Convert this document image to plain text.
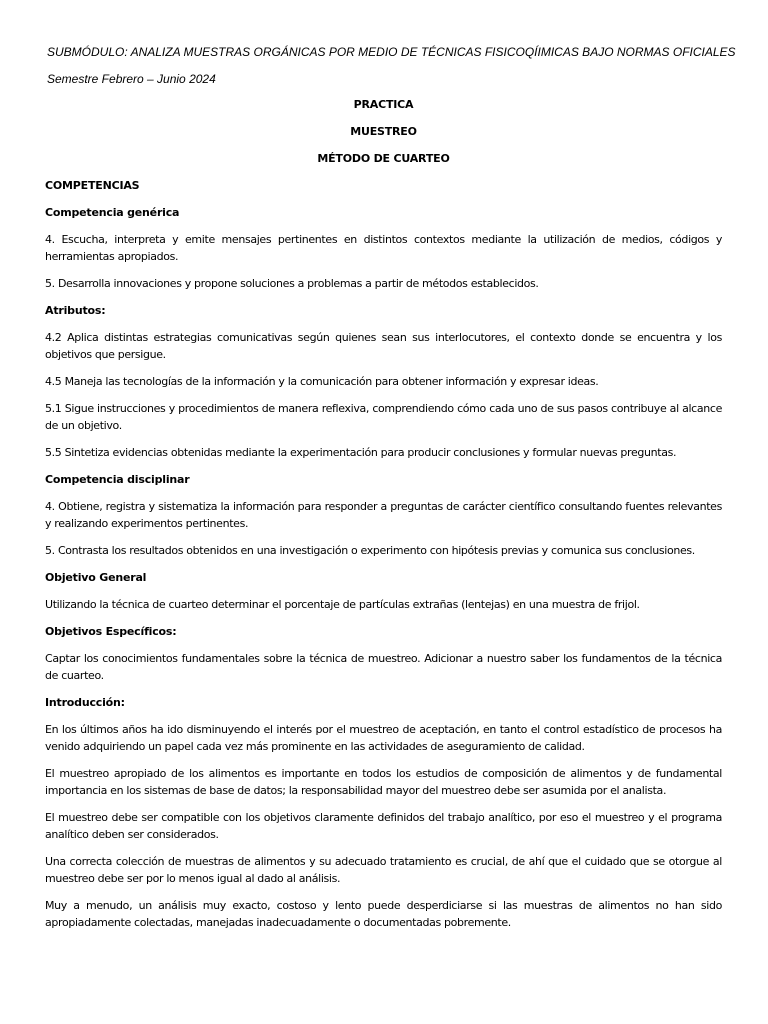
SUBMÓDULO: ANALIZA MUESTRAS ORGÁNICAS POR MEDIO DE TÉCNICAS FISICOQÍIMICAS BAJO NORMAS OFICIALES
Semestre Febrero – Junio 2024

PRACTICA

MUESTREO

MÉTODO DE CUARTEO

COMPETENCIAS

Competencia genérica

4. Escucha, interpreta y emite mensajes pertinentes en distintos contextos mediante la utilización de medios, códigos y herramientas apropiados.

5. Desarrolla innovaciones y propone soluciones a problemas a partir de métodos establecidos.

Atributos:

4.2 Aplica distintas estrategias comunicativas según quienes sean sus interlocutores, el contexto donde se encuentra y los objetivos que persigue.

4.5 Maneja las tecnologías de la información y la comunicación para obtener información y expresar ideas.

5.1 Sigue instrucciones y procedimientos de manera reflexiva, comprendiendo cómo cada uno de sus pasos contribuye al alcance de un objetivo.

5.5 Sintetiza evidencias obtenidas mediante la experimentación para producir conclusiones y formular nuevas preguntas.

Competencia disciplinar

4. Obtiene, registra y sistematiza la información para responder a preguntas de carácter científico consultando fuentes relevantes y realizando experimentos pertinentes.

5. Contrasta los resultados obtenidos en una investigación o experimento con hipótesis previas y comunica sus conclusiones.

Objetivo General

Utilizando la técnica de cuarteo determinar el porcentaje de partículas extrañas (lentejas) en una muestra de frijol.

Objetivos Específicos:

Captar los conocimientos fundamentales sobre la técnica de muestreo. Adicionar a nuestro saber los fundamentos de la técnica de cuarteo.

Introducción:

En los últimos años ha ido disminuyendo el interés por el muestreo de aceptación, en tanto el control estadístico de procesos ha venido adquiriendo un papel cada vez más prominente en las actividades de aseguramiento de calidad.

El muestreo apropiado de los alimentos es importante en todos los estudios de composición de alimentos y de fundamental importancia en los sistemas de base de datos; la responsabilidad mayor del muestreo debe ser asumida por el analista.

El muestreo debe ser compatible con los objetivos claramente definidos del trabajo analítico, por eso el muestreo y el programa analítico deben ser considerados.

Una correcta colección de muestras de alimentos y su adecuado tratamiento es crucial, de ahí que el cuidado que se otorgue al muestreo debe ser por lo menos igual al dado al análisis.

Muy a menudo, un análisis muy exacto, costoso y lento puede desperdiciarse si las muestras de alimentos no han sido apropiadamente colectadas, manejadas inadecuadamente o documentadas pobremente.
